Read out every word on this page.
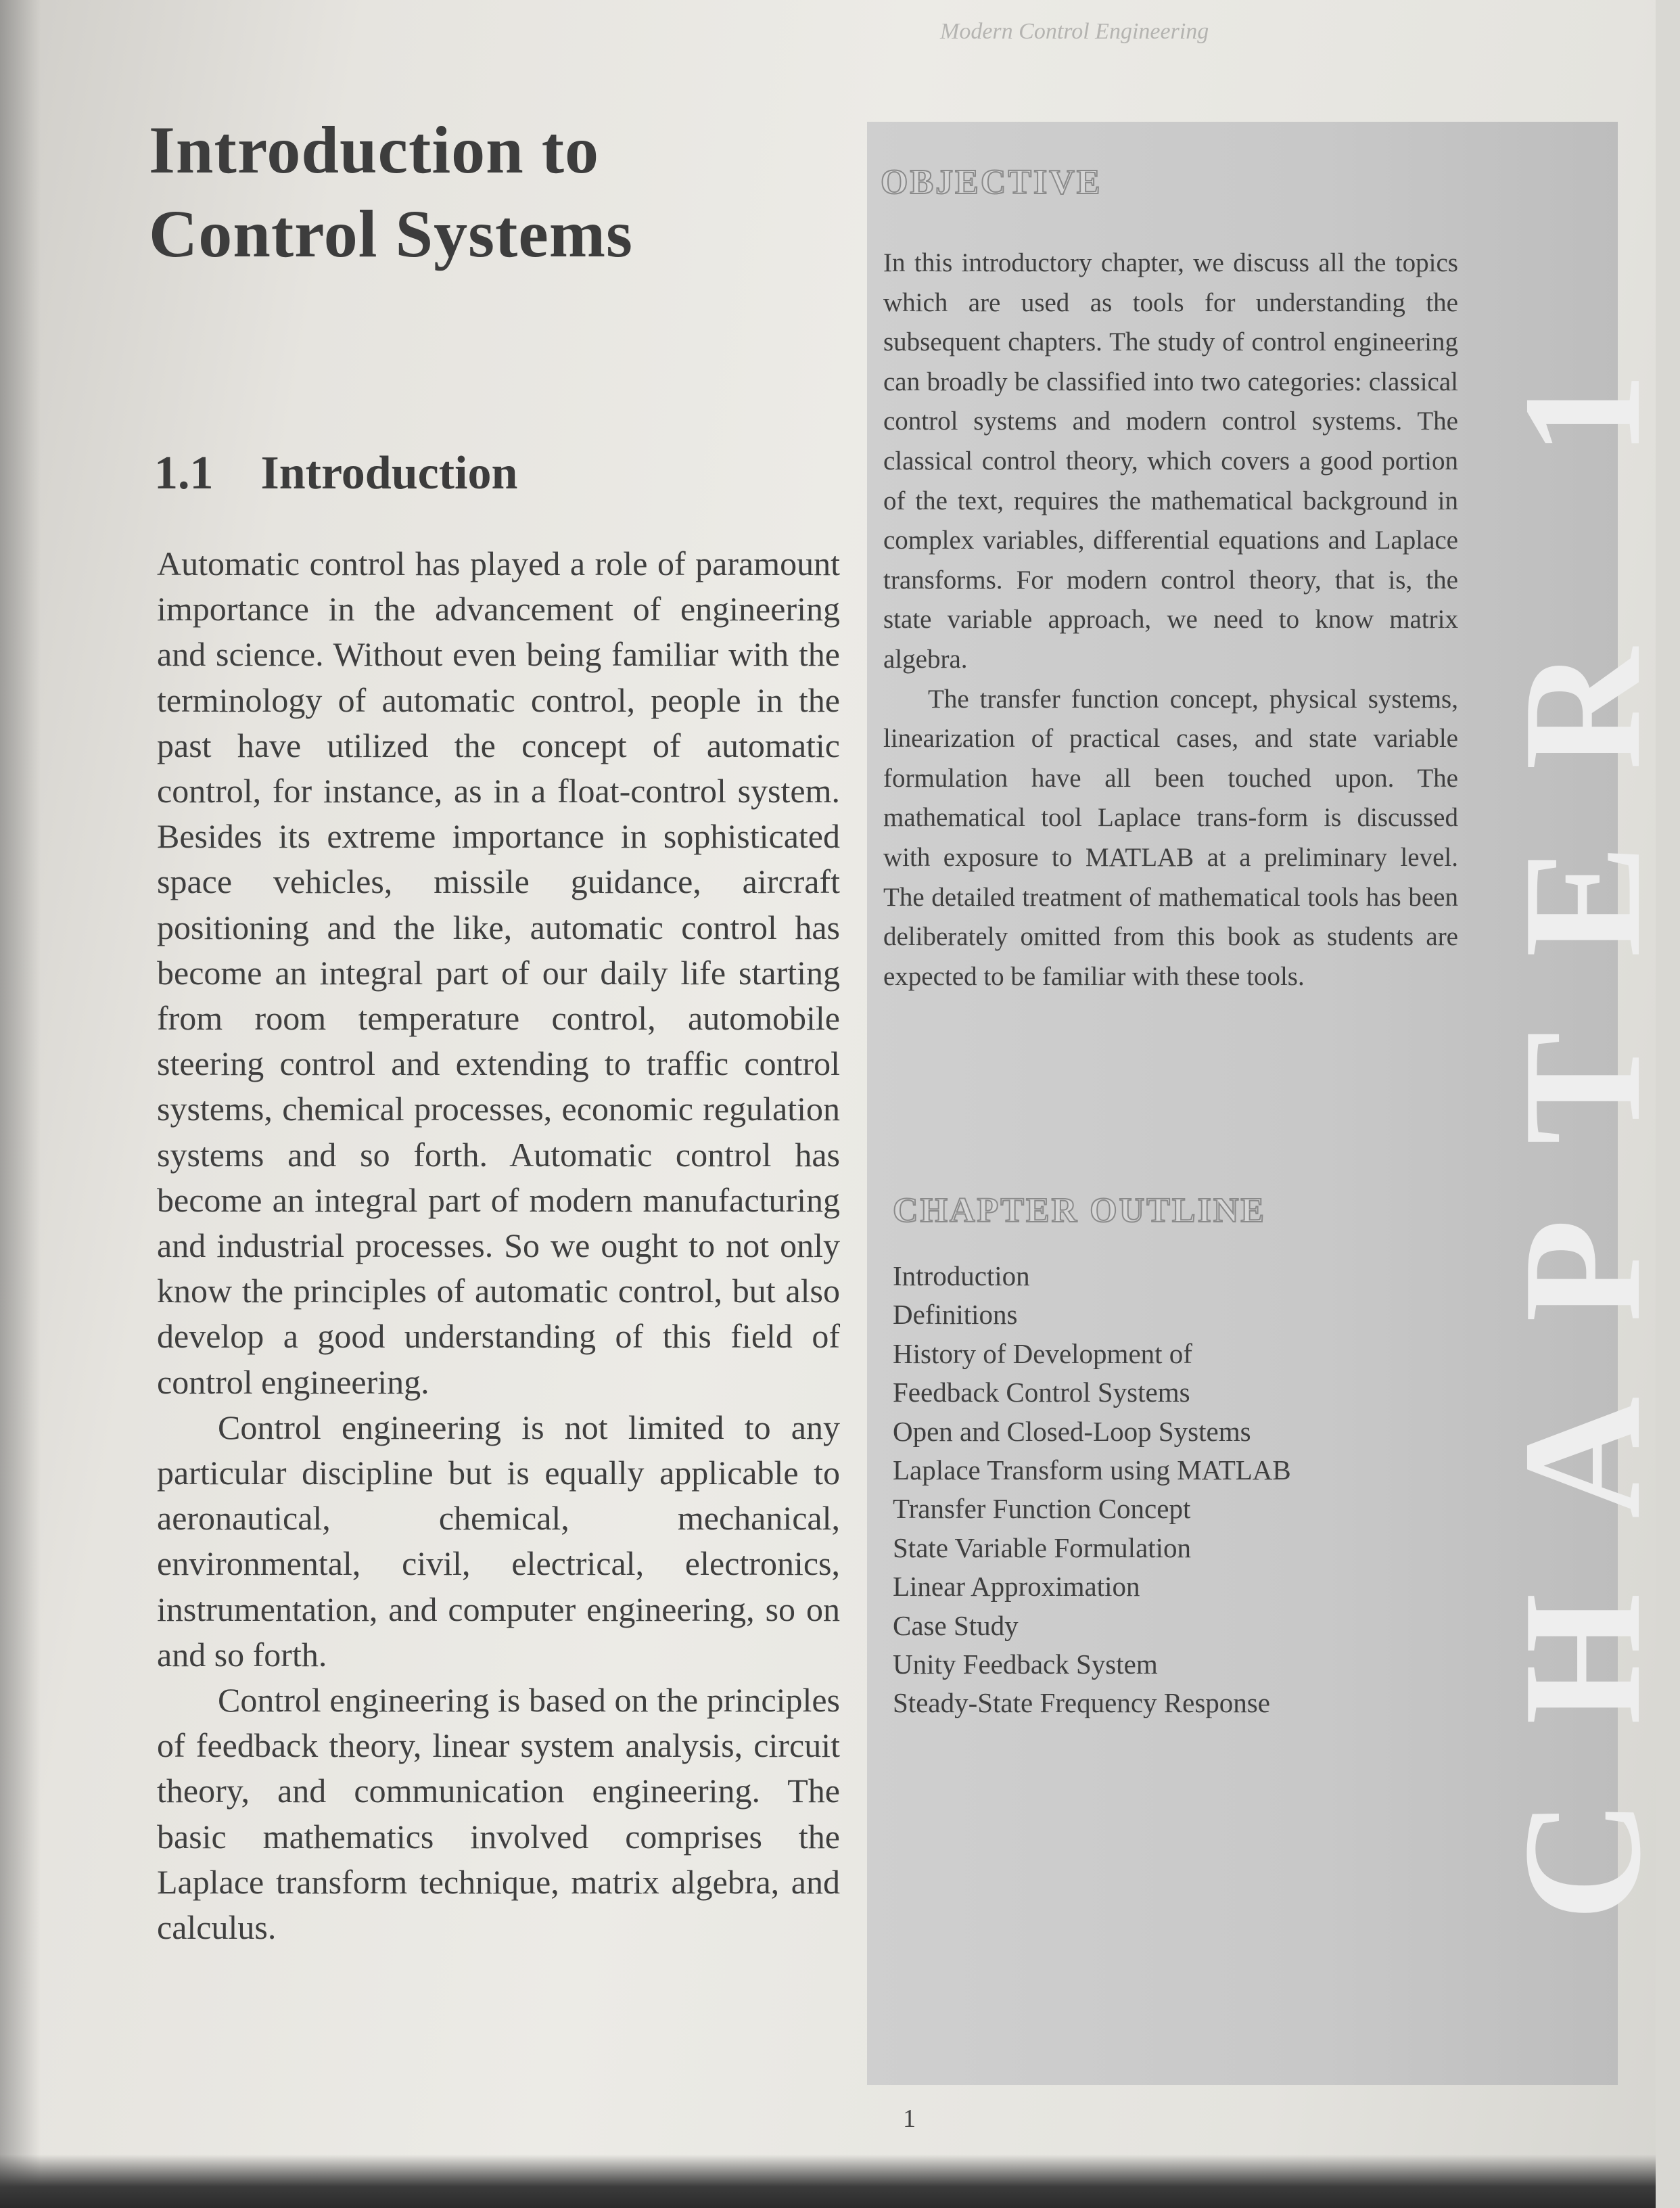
Modern Control Engineering
Introduction to
Control Systems
1.1 Introduction

Automatic control has played a role of paramount importance in the advancement of engineering and science. Without even being familiar with the terminology of automatic control, people in the past have utilized the concept of automatic control, for instance, as in a float-control system. Besides its extreme importance in sophisticated space vehicles, missile guidance, aircraft positioning and the like, automatic control has become an integral part of our daily life starting from room temperature control, automobile steering control and extending to traffic control systems, chemical processes, economic regulation systems and so forth. Automatic control has become an integral part of modern manufacturing and industrial processes. So we ought to not only know the principles of automatic control, but also develop a good understanding of this field of control engineering.

Control engineering is not limited to any particular discipline but is equally applicable to aeronautical, chemical, mechanical, environmental, civil, electrical, electronics, instrumentation, and computer engineering, so on and so forth.

Control engineering is based on the principles of feedback theory, linear system analysis, circuit theory, and communication engineering. The basic mathematics involved comprises the Laplace transform technique, matrix algebra, and calculus.

CHAPTER 1
OBJECTIVE

In this introductory chapter, we discuss all the topics which are used as tools for understanding the subsequent chapters. The study of control engineering can broadly be classified into two categories: classical control systems and modern control systems. The classical control theory, which covers a good portion of the text, requires the mathematical background in complex variables, differential equations and Laplace transforms. For modern control theory, that is, the state variable approach, we need to know matrix algebra.

The transfer function concept, physical systems, linearization of practical cases, and state variable formulation have all been touched upon. The mathematical tool Laplace trans-form is discussed with exposure to MATLAB at a preliminary level. The detailed treatment of mathematical tools has been deliberately omitted from this book as students are expected to be familiar with these tools.

CHAPTER OUTLINE
Introduction
Definitions
History of Development of
Feedback Control Systems
Open and Closed-Loop Systems
Laplace Transform using MATLAB
Transfer Function Concept
State Variable Formulation
Linear Approximation
Case Study
Unity Feedback System
Steady-State Frequency Response
1
